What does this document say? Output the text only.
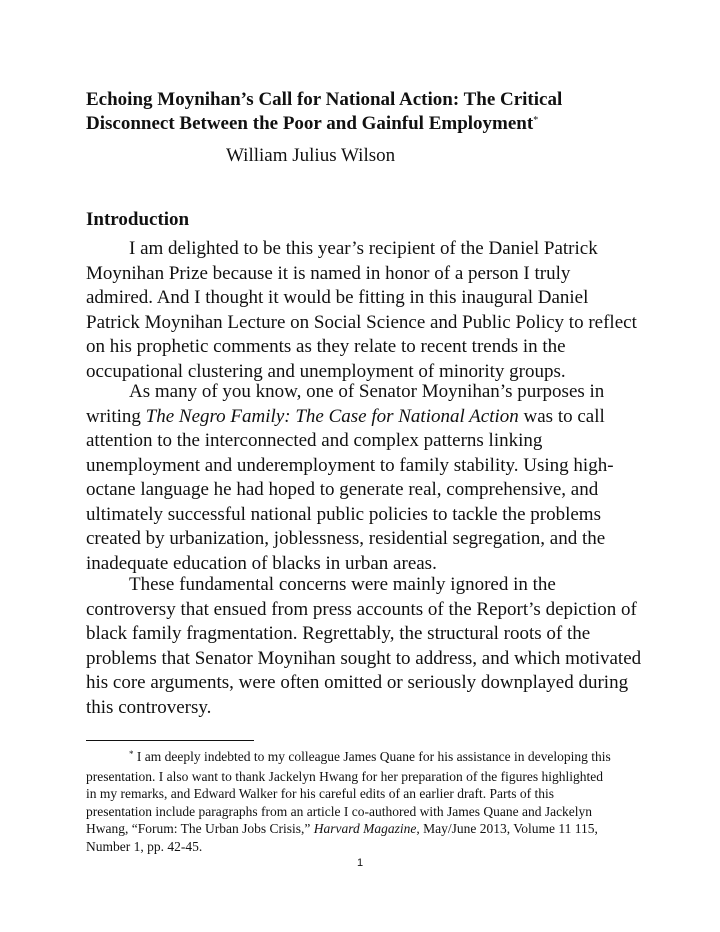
Echoing Moynihan’s Call for National Action: The Critical
Disconnect Between the Poor and Gainful Employment*
William Julius Wilson
Introduction
I am delighted to be this year’s recipient of the Daniel Patrick
Moynihan Prize because it is named in honor of a person I truly
admired. And I thought it would be fitting in this inaugural Daniel
Patrick Moynihan Lecture on Social Science and Public Policy to reflect
on his prophetic comments as they relate to recent trends in the
occupational clustering and unemployment of minority groups.
As many of you know, one of Senator Moynihan’s purposes in
writing The Negro Family: The Case for National Action was to call
attention to the interconnected and complex patterns linking
unemployment and underemployment to family stability. Using high-
octane language he had hoped to generate real, comprehensive, and
ultimately successful national public policies to tackle the problems
created by urbanization, joblessness, residential segregation, and the
inadequate education of blacks in urban areas.
These fundamental concerns were mainly ignored in the
controversy that ensued from press accounts of the Report’s depiction of
black family fragmentation. Regrettably, the structural roots of the
problems that Senator Moynihan sought to address, and which motivated
his core arguments, were often omitted or seriously downplayed during
this controversy.
* I am deeply indebted to my colleague James Quane for his assistance in developing this
presentation. I also want to thank Jackelyn Hwang for her preparation of the figures highlighted
in my remarks, and Edward Walker for his careful edits of an earlier draft. Parts of this
presentation include paragraphs from an article I co-authored with James Quane and Jackelyn
Hwang, “Forum: The Urban Jobs Crisis,” Harvard Magazine, May/June 2013, Volume 11 115,
Number 1, pp. 42-45.
1
